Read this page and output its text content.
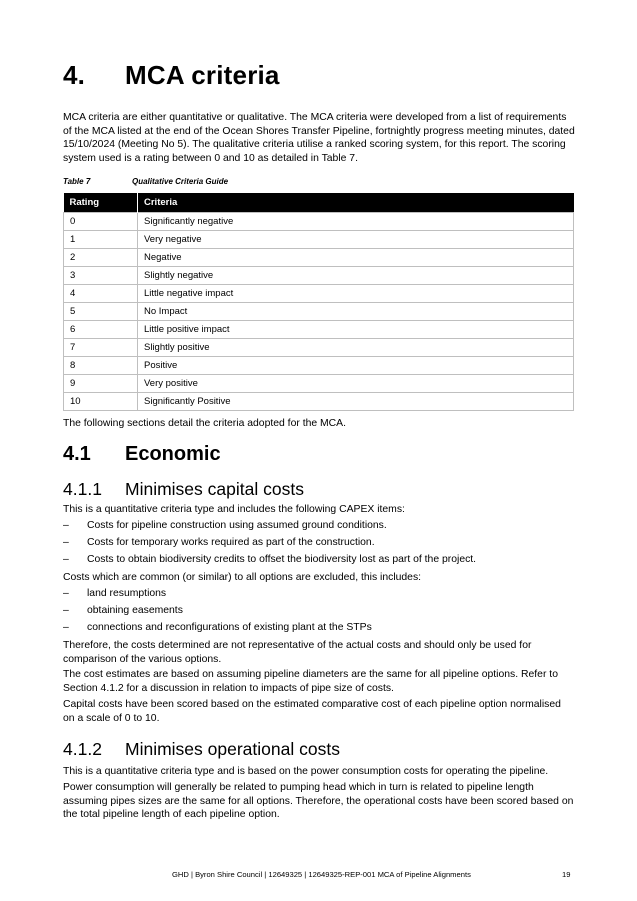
4. MCA criteria

MCA criteria are either quantitative or qualitative. The MCA criteria were developed from a list of requirements of the MCA listed at the end of the Ocean Shores Transfer Pipeline, fortnightly progress meeting minutes, dated 15/10/2024 (Meeting No 5). The qualitative criteria utilise a ranked scoring system, for this report. The scoring system used is a rating between 0 and 10 as detailed in Table 7.

Table 7	Qualitative Criteria Guide
Rating	Criteria
0	Significantly negative
1	Very negative
2	Negative
3	Slightly negative
4	Little negative impact
5	No Impact
6	Little positive impact
7	Slightly positive
8	Positive
9	Very positive
10	Significantly Positive

The following sections detail the criteria adopted for the MCA.

4.1 Economic
4.1.1 Minimises capital costs

This is a quantitative criteria type and includes the following CAPEX items:

–	Costs for pipeline construction using assumed ground conditions.
–	Costs for temporary works required as part of the construction.
–	Costs to obtain biodiversity credits to offset the biodiversity lost as part of the project.

Costs which are common (or similar) to all options are excluded, this includes:

–	land resumptions
–	obtaining easements
–	connections and reconfigurations of existing plant at the STPs

Therefore, the costs determined are not representative of the actual costs and should only be used for comparison of the various options.

The cost estimates are based on assuming pipeline diameters are the same for all pipeline options. Refer to Section 4.1.2 for a discussion in relation to impacts of pipe size of costs.

Capital costs have been scored based on the estimated comparative cost of each pipeline option normalised on a scale of 0 to 10.

4.1.2 Minimises operational costs

This is a quantitative criteria type and is based on the power consumption costs for operating the pipeline.

Power consumption will generally be related to pumping head which in turn is related to pipeline length assuming pipes sizes are the same for all options. Therefore, the operational costs have been scored based on the total pipeline length of each pipeline option.

GHD | Byron Shire Council | 12649325 | 12649325-REP-001 MCA of Pipeline Alignments	19
